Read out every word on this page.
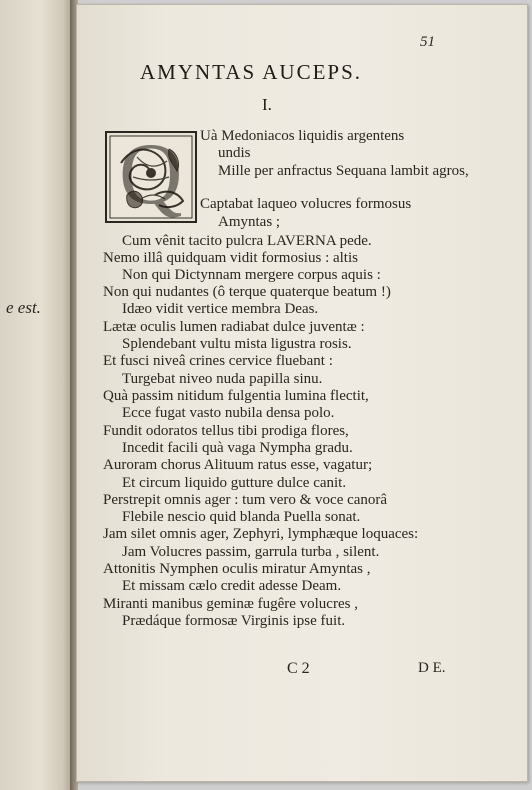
e est.
51
AMYNTAS AUCEPS.
I.
Q Uà Medoniacos liquidis argentens
undis
Mille per anfractus Sequana lambit agros,
Captabat laqueo volucres formosus
Amyntas ;
Cum vênit tacito pulcra LAVERNA pede.
Nemo illâ quidquam vidit formosius : altis
Non qui Dictynnam mergere corpus aquis :
Non qui nudantes (ô terque quaterque beatum !)
Idæo vidit vertice membra Deas.
Lætæ oculis lumen radiabat dulce juventæ :
Splendebant vultu mista ligustra rosis.
Et fusci niveâ crines cervice fluebant :
Turgebat niveo nuda papilla sinu.
Quà passim nitidum fulgentia lumina flectit,
Ecce fugat vasto nubila densa polo.
Fundit odoratos tellus tibi prodiga flores,
Incedit facili quà vaga Nympha gradu.
Auroram chorus Alituum ratus esse, vagatur;
Et circum liquido gutture dulce canit.
Perstrepit omnis ager : tum vero & voce canorâ
Flebile nescio quid blanda Puella sonat.
Jam silet omnis ager, Zephyri, lymphæque loquaces:
Jam Volucres passim, garrula turba , silent.
Attonitis Nymphen oculis miratur Amyntas ,
Et missam cælo credit adesse Deam.
Miranti manibus geminæ fugêre volucres ,
Prædáque formosæ Virginis ipse fuit.
C 2	D E.
